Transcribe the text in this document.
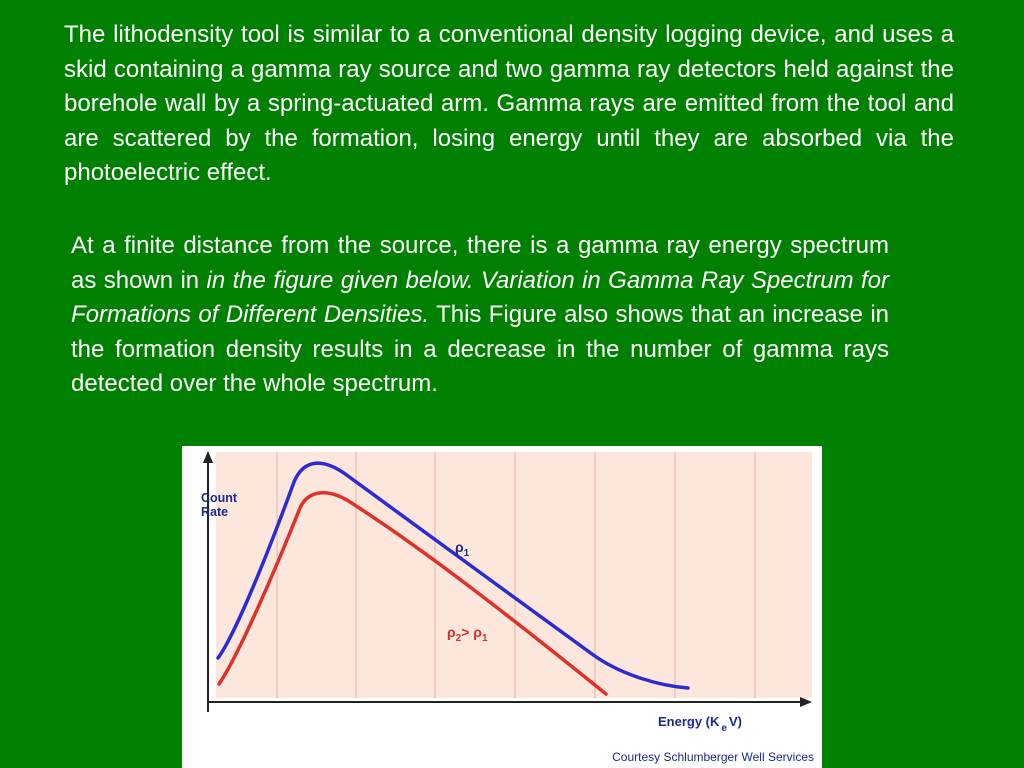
The lithodensity tool is similar to a conventional density logging device, and uses a skid containing a gamma ray source and two gamma ray detectors held against the borehole wall by a spring-actuated arm. Gamma rays are emitted from the tool and are scattered by the formation, losing energy until they are absorbed via the photoelectric effect.

At a finite distance from the source, there is a gamma ray energy spectrum as shown in in the figure given below. Variation in Gamma Ray Spectrum for Formations of Different Densities. This Figure also shows that an increase in the formation density results in a decrease in the number of gamma rays detected over the whole spectrum.

Count
Rate
$\rho_1$
$\rho_2> \rho_1$
Energy (K $_e$ V)
Courtesy Schlumberger Well Services
